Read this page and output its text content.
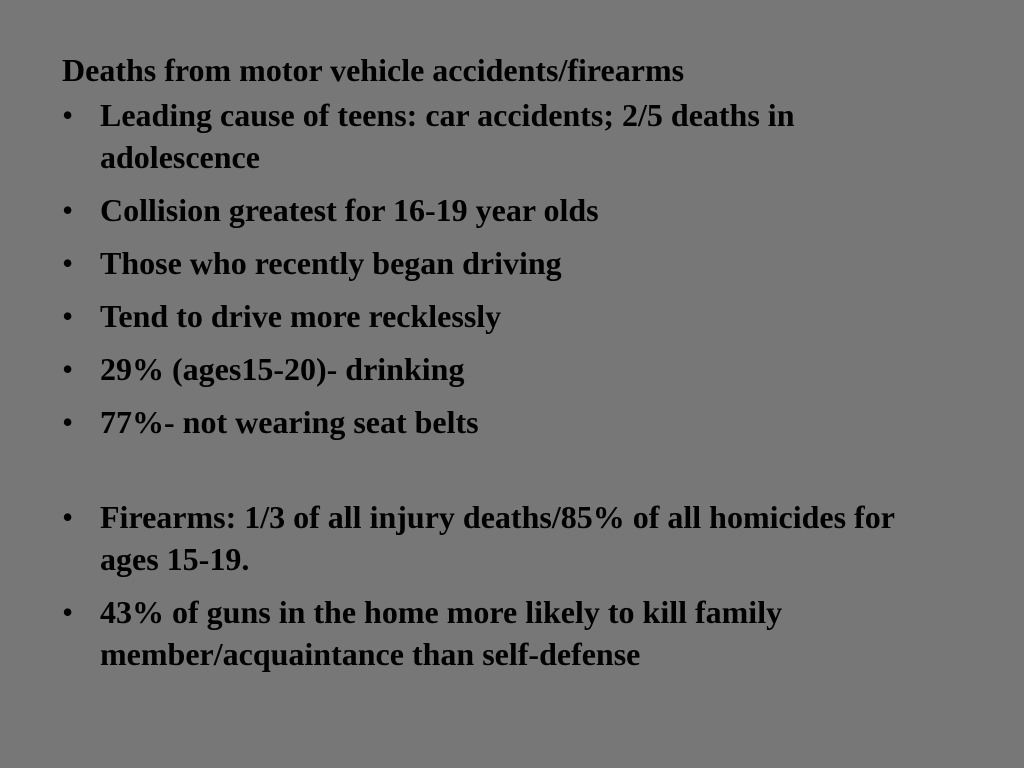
Deaths from motor vehicle accidents/firearms
• Leading cause of teens: car accidents; 2/5 deaths in adolescence
• Collision greatest for 16-19 year olds
• Those who recently began driving
• Tend to drive more recklessly
• 29% (ages15-20)- drinking
• 77%- not wearing seat belts
• Firearms: 1/3 of all injury deaths/85% of all homicides for ages 15-19.
• 43% of guns in the home more likely to kill family member/acquaintance than self-defense
